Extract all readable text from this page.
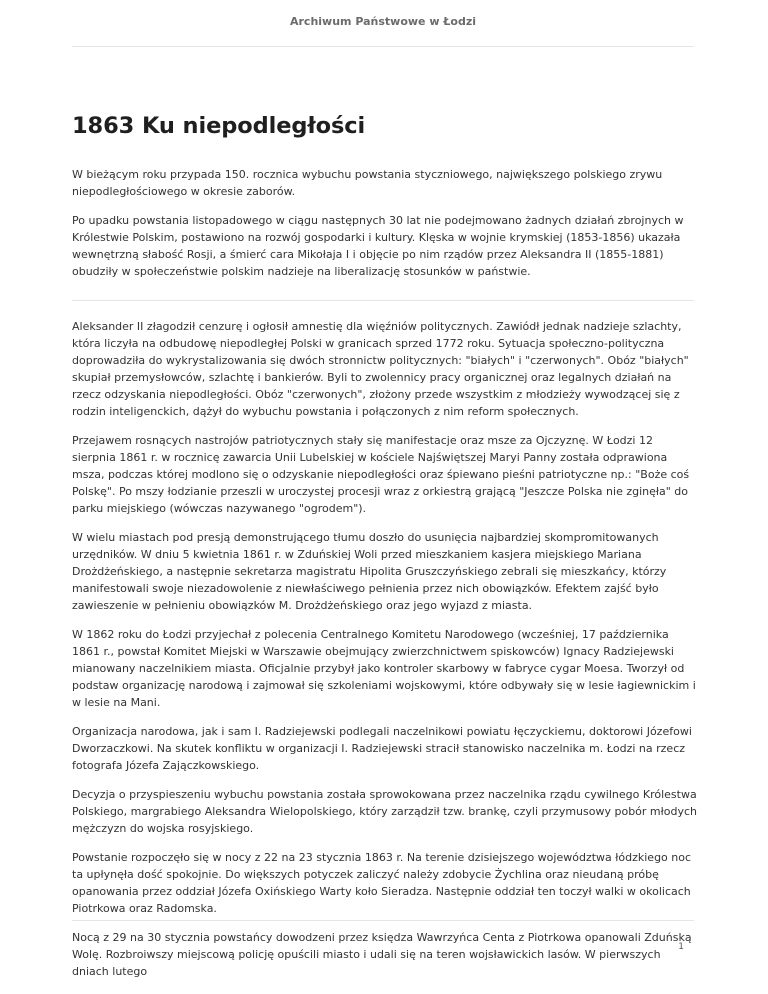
Archiwum Państwowe w Łodzi
1863 Ku niepodległości

W bieżącym roku przypada 150. rocznica wybuchu powstania styczniowego, największego polskiego zrywu niepodległościowego w okresie zaborów.

Po upadku powstania listopadowego w ciągu następnych 30 lat nie podejmowano żadnych działań zbrojnych w Królestwie Polskim, postawiono na rozwój gospodarki i kultury. Klęska w wojnie krymskiej (1853-1856) ukazała wewnętrzną słabość Rosji, a śmierć cara Mikołaja I i objęcie po nim rządów przez Aleksandra II (1855-1881) obudziły w społeczeństwie polskim nadzieje na liberalizację stosunków w państwie.

Aleksander II złagodził cenzurę i ogłosił amnestię dla więźniów politycznych. Zawiódł jednak nadzieje szlachty, która liczyła na odbudowę niepodległej Polski w granicach sprzed 1772 roku. Sytuacja społeczno-polityczna doprowadziła do wykrystalizowania się dwóch stronnictw politycznych: "białych" i "czerwonych". Obóz "białych" skupiał przemysłowców, szlachtę i bankierów. Byli to zwolennicy pracy organicznej oraz legalnych działań na rzecz odzyskania niepodległości. Obóz "czerwonych", złożony przede wszystkim z młodzieży wywodzącej się z rodzin inteligenckich, dążył do wybuchu powstania i połączonych z nim reform społecznych.

Przejawem rosnących nastrojów patriotycznych stały się manifestacje oraz msze za Ojczyznę. W Łodzi 12 sierpnia 1861 r. w rocznicę zawarcia Unii Lubelskiej w kościele Najświętszej Maryi Panny została odprawiona msza, podczas której modlono się o odzyskanie niepodległości oraz śpiewano pieśni patriotyczne np.: "Boże coś Polskę". Po mszy łodzianie przeszli w uroczystej procesji wraz z orkiestrą grającą "Jeszcze Polska nie zginęła" do parku miejskiego (wówczas nazywanego "ogrodem").

W wielu miastach pod presją demonstrującego tłumu doszło do usunięcia najbardziej skompromitowanych urzędników. W dniu 5 kwietnia 1861 r. w Zduńskiej Woli przed mieszkaniem kasjera miejskiego Mariana Drożdżeńskiego, a następnie sekretarza magistratu Hipolita Gruszczyńskiego zebrali się mieszkańcy, którzy manifestowali swoje niezadowolenie z niewłaściwego pełnienia przez nich obowiązków. Efektem zajść było zawieszenie w pełnieniu obowiązków M. Drożdżeńskiego oraz jego wyjazd z miasta.

W 1862 roku do Łodzi przyjechał z polecenia Centralnego Komitetu Narodowego (wcześniej, 17 października 1861 r., powstał Komitet Miejski w Warszawie obejmujący zwierzchnictwem spiskowców) Ignacy Radziejewski mianowany naczelnikiem miasta. Oficjalnie przybył jako kontroler skarbowy w fabryce cygar Moesa. Tworzył od podstaw organizację narodową i zajmował się szkoleniami wojskowymi, które odbywały się w lesie łagiewnickim i w lesie na Mani.

Organizacja narodowa, jak i sam I. Radziejewski podlegali naczelnikowi powiatu łęczyckiemu, doktorowi Józefowi Dworzaczkowi. Na skutek konfliktu w organizacji I. Radziejewski stracił stanowisko naczelnika m. Łodzi na rzecz fotografa Józefa Zajączkowskiego.

Decyzja o przyspieszeniu wybuchu powstania została sprowokowana przez naczelnika rządu cywilnego Królestwa Polskiego, margrabiego Aleksandra Wielopolskiego, który zarządził tzw. brankę, czyli przymusowy pobór młodych mężczyzn do wojska rosyjskiego.

Powstanie rozpoczęło się w nocy z 22 na 23 stycznia 1863 r. Na terenie dzisiejszego województwa łódzkiego noc ta upłynęła dość spokojnie. Do większych potyczek zaliczyć należy zdobycie Żychlina oraz nieudaną próbę opanowania przez oddział Józefa Oxińskiego Warty koło Sieradza. Następnie oddział ten toczył walki w okolicach Piotrkowa oraz Radomska.

Nocą z 29 na 30 stycznia powstańcy dowodzeni przez księdza Wawrzyńca Centa z Piotrkowa opanowali Zduńską Wolę. Rozbroiwszy miejscową policję opuścili miasto i udali się na teren wojsławickich lasów. W pierwszych dniach lutego

1
